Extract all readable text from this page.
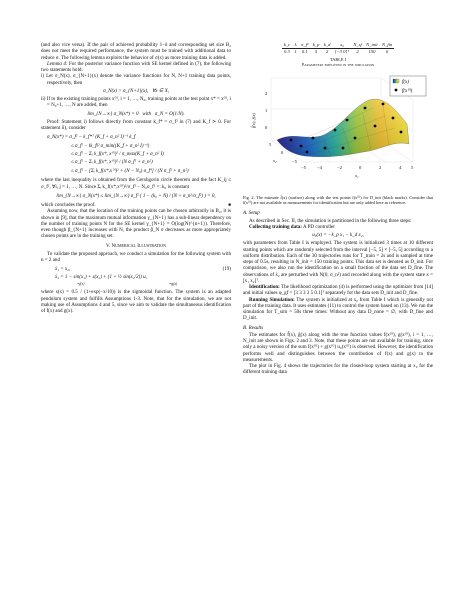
(and also vice versa). If the pair of achieved probability 1−δ and corresponding set size B₂ does not meet the required performance, the system must be trained with additional data to reduce σ. The following lemma exploits the behavior of σ(x) as more training data is added.

Lemma 4: For the posterior variance function with SE kernel defined in (7), the following two statements hold:

i) Let σ_N(x), σ_{N+1}(x) denote the variance functions for N, N+1 training data points, respectively, then

σ_N(x) > σ_{N+1}(x),   ∀x ∈ X,

ii) If to the existing training points x⁽ⁱ⁾, i = 1, …, N₀, training points at the test point x* = x⁽ⁱ⁾, i = N₀+1, …, N are added, then

lim_{N→∞} σ_N(x*) = 0   with   σ_N = O(1/N).

Proof: Statement i) follows directly from constant k_f* = σ_f² in (7) and K_f ≻ 0. For statement ii), consider

σ_N(x*) = σ_f² − k_f*ᵀ (K_f + σ_n² I)⁻¹ k_f
≤ σ_f² − ‖k_f‖² σ_min((K_f + σ_n² I)⁻¹)
≤ σ_f² − Σᵢ k_f(x*, x⁽ⁱ⁾)² / σ_max(K_f + σ_n² I)
≤ σ_f² − Σᵢ k_f(x*, x⁽ⁱ⁾)² / (N σ_f² + σ_n²)
≤ σ_f² − [Σᵢ k_f(x*,x⁽ⁱ⁾)² + (N − N₀) σ_f⁴] / (N σ_f² + σ_n²)

where the last inequality is obtained from the Gershgorin circle theorem and the fact K_ij ≤ σ_f², ∀i, j = 1, …, N. Since Σᵢ k_f(x*,x⁽ⁱ⁾)²/σ_f² − N₀σ_f² =: k₀ is constant

lim_{N→∞} σ_N(x*) ≤ lim_{N→∞} σ_f² ( 1 − (k₀ + N) / (N + σ_n²/σ_f²) ) = 0,

which concludes the proof.	■

Assuming now, that the location of the training points can be chosen arbitrarily in B₂, it is shown in [9], that the maximum mutual information γ_{N+1} has a sub-linear dependency on the number of training points N for the SE kernel γ_{N+1} = O(log(N)^{n+1}). Therefore, even though β_{N+1} increases with N, the product β_N σ decreases as more appropriately chosen points are in the training set.

V. Numerical Illustration

To validate the proposed approach, we conduct a simulation for the following system with n = 2 and

ẋ₁ = x₂,
ẋ₂ = 1 − sin(x₁) + s(x₂) + (1 + ½ sin(x₂/2)) u,
=f(x)	=g(x)
(19)

where s(x) = 0.5 / (1+exp(−x/10)) is the sigmoidal function. The system is an adapted pendulum system and fulfills Assumptions 1-3. Note, that for the simulation, we are not making use of Assumptions 4 and 5, since we aim to validate the simultaneous identification of f(x) and g(x).

k_c	λ	σ_f²	k_p	k_d	x₀	N_sf	N_init	N_fin
0.3	1	0.1	5	2	[−3 0]ᵀ	2	150	6
TABLE I
Parameters employed in the simulation
f(x)
f(x⁽ⁱ⁾)
2
1
0
f̂(x), f(x)
5
0
−5
x₂
−5 −4	−2	0	2	4 5
x₁

Fig. 2. The estimate f̂(x) (surface) along with the test points f(x⁽ⁱ⁾) for D_init (black marks). Consider that f(x⁽ⁱ⁾) are not available as measurements for identification but are only added here as reference.

A. Setup

As described in Sec. II, the simulation is partitioned in the following three steps:

Collecting training data: A PD controller

u₀(x) = −k_p x₁ − k_d x₂,

with parameters from Table I is employed. The system is initialized 3 times at 10 different starting points which are randomly selected from the interval [−5, 5] × [−5, 5] according to a uniform distribution. Each of the 30 trajectories runs for T_train = 2s and is sampled at time steps of 0.5s, resulting in N_init = 150 training points. This data set is denoted as D_init. For comparison, we also run the identification on a small fraction of the data set D_fine. The observations of ẋ₂ are perturbed with N(0, σ_n²) and recorded along with the system state x = [x₁ x₂]ᵀ.

Identification: The likelihood optimization (4) is performed using the optimizer from [14] and initial values φ_gf = [3 3 3 3 5 0.1]ᵀ separately for the data sets D_init and D_fine.

Running Simulation: The system is initialized at x₀ from Table I which is generally not part of the training data. It uses estimates (11) to control the system based on (13). We run the simulation for T_sim = 50s three times: Without any data D_none = ∅, with D_fine and D_init.

B. Results

The estimates for f̂(x), ĝ(x) along with the true function values f(x⁽ⁱ⁾), g(x⁽ⁱ⁾), i = 1, …, N_init are shown in Figs. 2 and 3. Note, that these points are not available for training, since only a noisy version of the sum f(x⁽ⁱ⁾) + g(x⁽ⁱ⁾) u₀(x⁽ⁱ⁾) is observed. However, the identification performs well and distinguishes between the contribution of f(x) and g(x) to the measurements.

The plot in Fig. 4 shows the trajectories for the closed-loop system starting at x₀ for the different training data
